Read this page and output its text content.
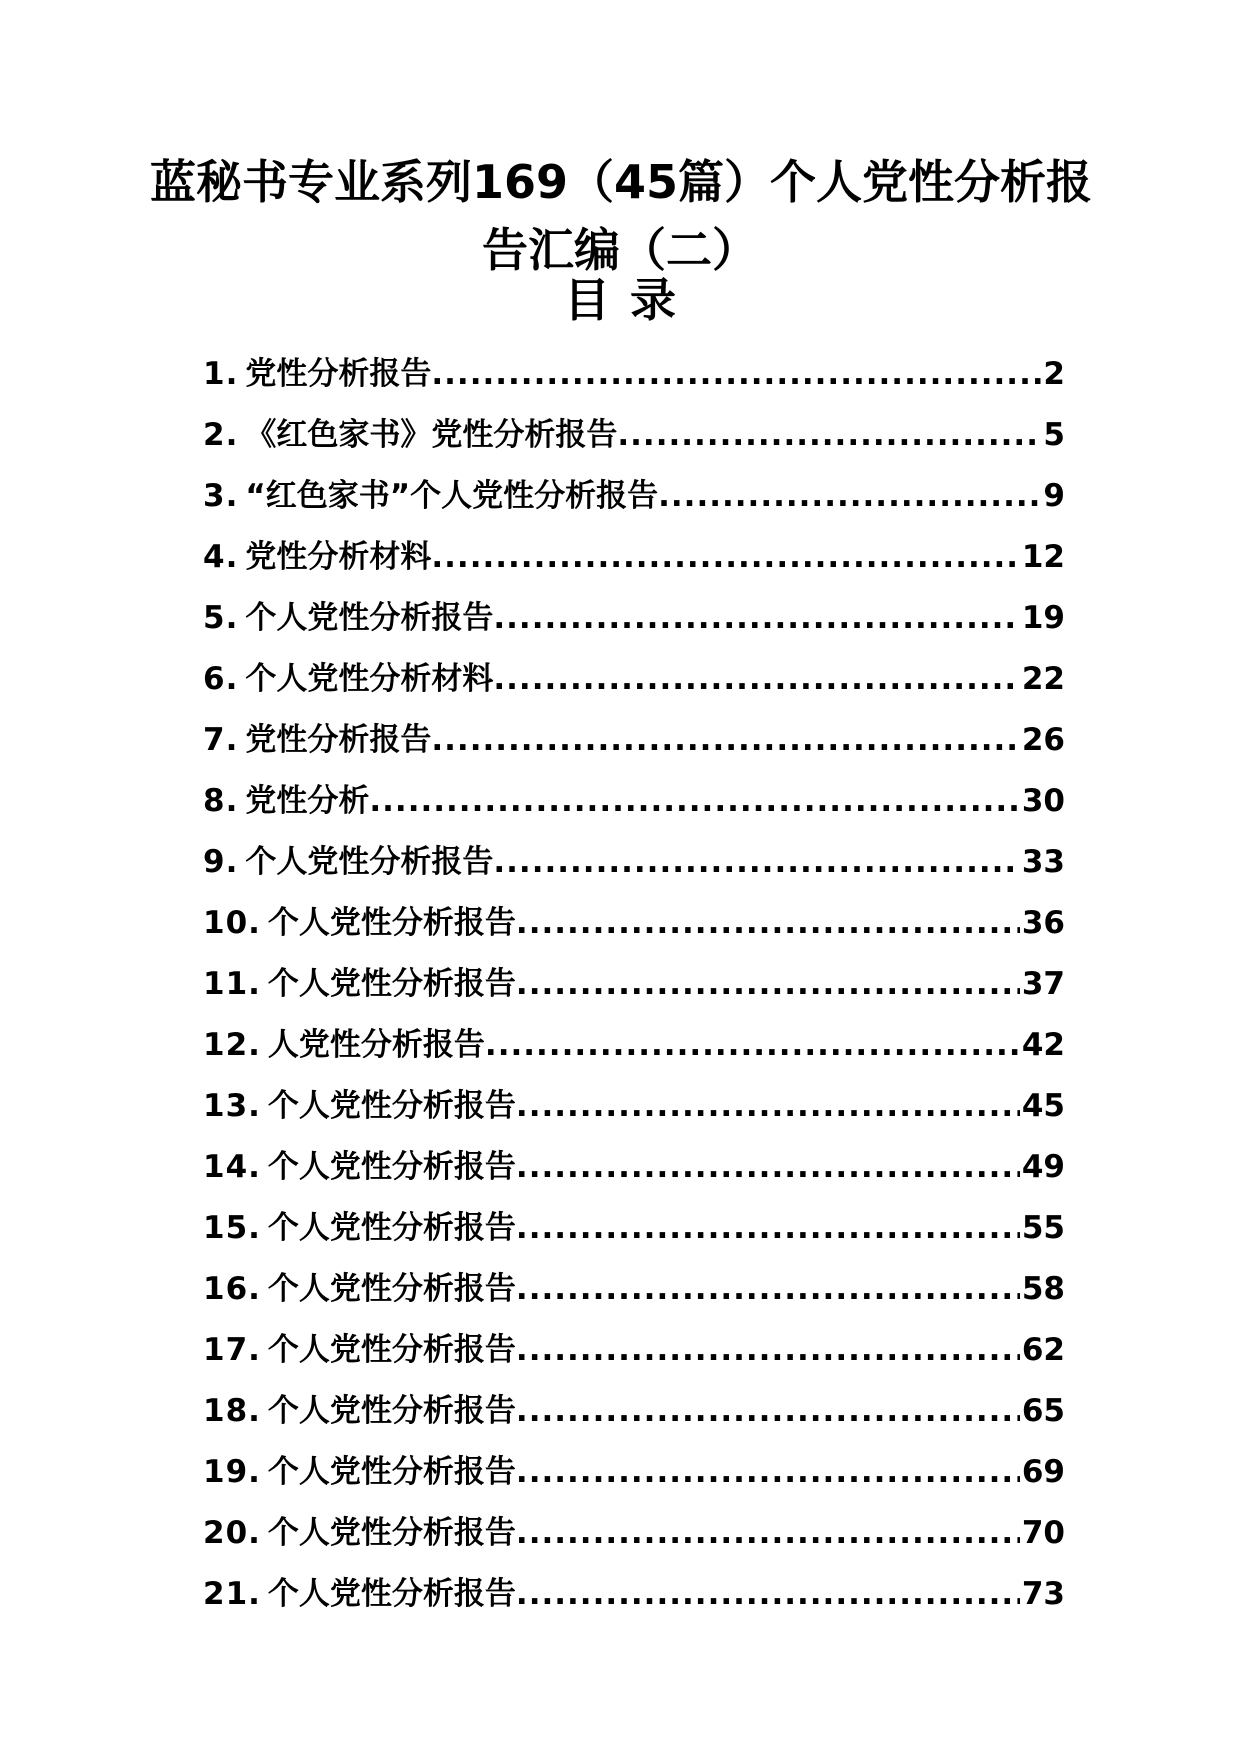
蓝秘书专业系列169（45篇）个人党性分析报
告汇编（二）
目录
1 . 党性分析报告 .....	2
2 . 《红色家书》党性分析报告 .....	5
3 . “红色家书”个人党性分析报告 .....	9
4 . 党性分析材料 .....	12
5 . 个人党性分析报告 .....	19
6 . 个人党性分析材料 .....	22
7 . 党性分析报告 .....	26
8 . 党性分析 .....	30
9 . 个人党性分析报告 .....	33
10 . 个人党性分析报告 .....	36
11 . 个人党性分析报告 .....	37
12 . 人党性分析报告 .....	42
13 . 个人党性分析报告 .....	45
14 . 个人党性分析报告 .....	49
15 . 个人党性分析报告 .....	55
16 . 个人党性分析报告 .....	58
17 . 个人党性分析报告 .....	62
18 . 个人党性分析报告 .....	65
19 . 个人党性分析报告 .....	69
20 . 个人党性分析报告 .....	70
21 . 个人党性分析报告 .....	73
